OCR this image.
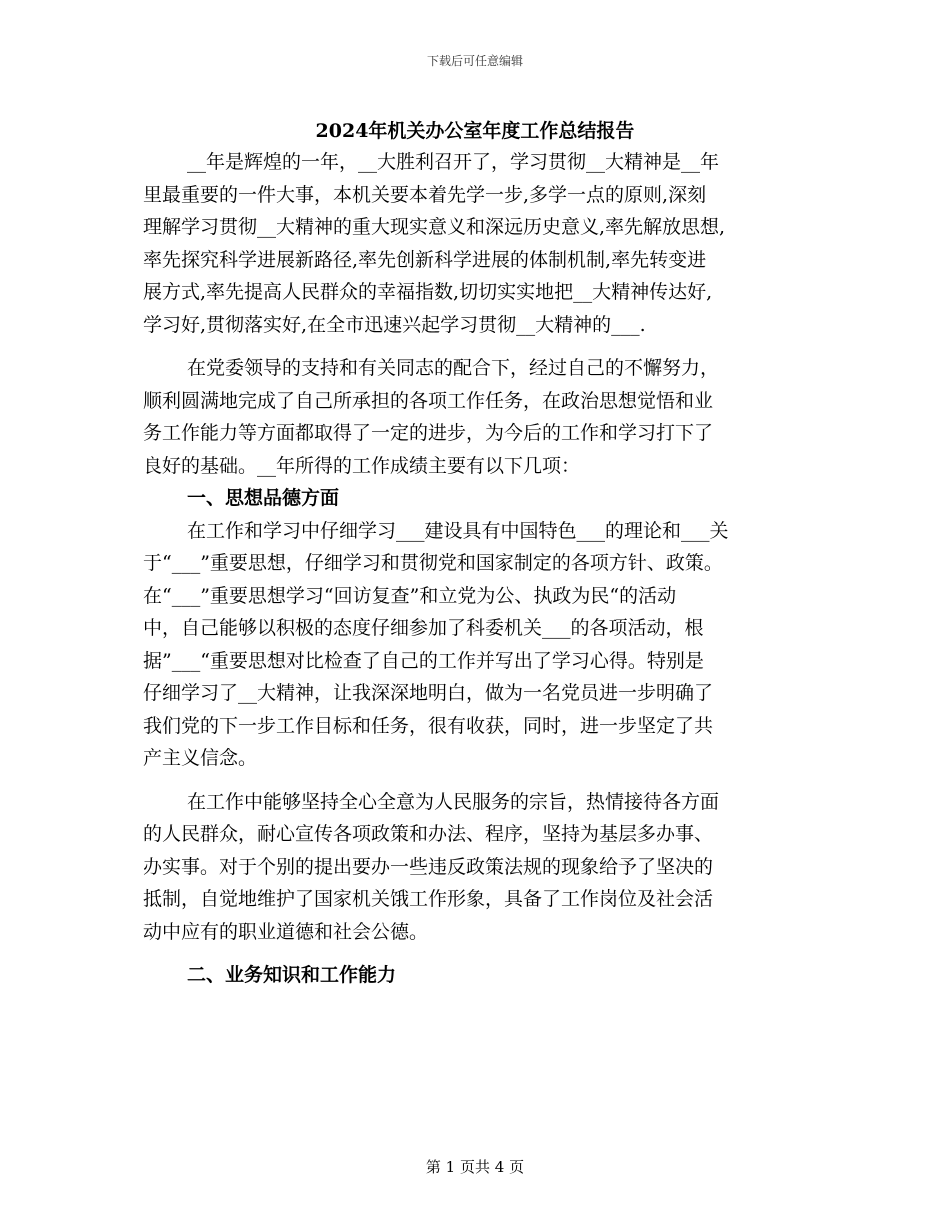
下载后可任意编辑
2024年机关办公室年度工作总结报告
__年是辉煌的一年，__大胜利召开了，学习贯彻__大精神是__年
里最重要的一件大事，本机关要本着先学一步,多学一点的原则,深刻
理解学习贯彻__大精神的重大现实意义和深远历史意义,率先解放思想,
率先探究科学进展新路径,率先创新科学进展的体制机制,率先转变进
展方式,率先提高人民群众的幸福指数,切切实实地把__大精神传达好,
学习好,贯彻落实好,在全市迅速兴起学习贯彻__大精神的___.
在党委领导的支持和有关同志的配合下，经过自己的不懈努力，
顺利圆满地完成了自己所承担的各项工作任务，在政治思想觉悟和业
务工作能力等方面都取得了一定的进步，为今后的工作和学习打下了
良好的基础。__年所得的工作成绩主要有以下几项：
一、思想品德方面
在工作和学习中仔细学习___建设具有中国特色___的理论和___关
于“___”重要思想，仔细学习和贯彻党和国家制定的各项方针、政策。
在“___”重要思想学习“回访复查”和立党为公、执政为民“的活动
中，自己能够以积极的态度仔细参加了科委机关___的各项活动，根
据”___“重要思想对比检查了自己的工作并写出了学习心得。特别是
仔细学习了__大精神，让我深深地明白，做为一名党员进一步明确了
我们党的下一步工作目标和任务，很有收获，同时，进一步坚定了共
产主义信念。
在工作中能够坚持全心全意为人民服务的宗旨，热情接待各方面
的人民群众，耐心宣传各项政策和办法、程序，坚持为基层多办事、
办实事。对于个别的提出要办一些违反政策法规的现象给予了坚决的
抵制，自觉地维护了国家机关饿工作形象，具备了工作岗位及社会活
动中应有的职业道德和社会公德。
二、业务知识和工作能力
第 1 页共 4 页
